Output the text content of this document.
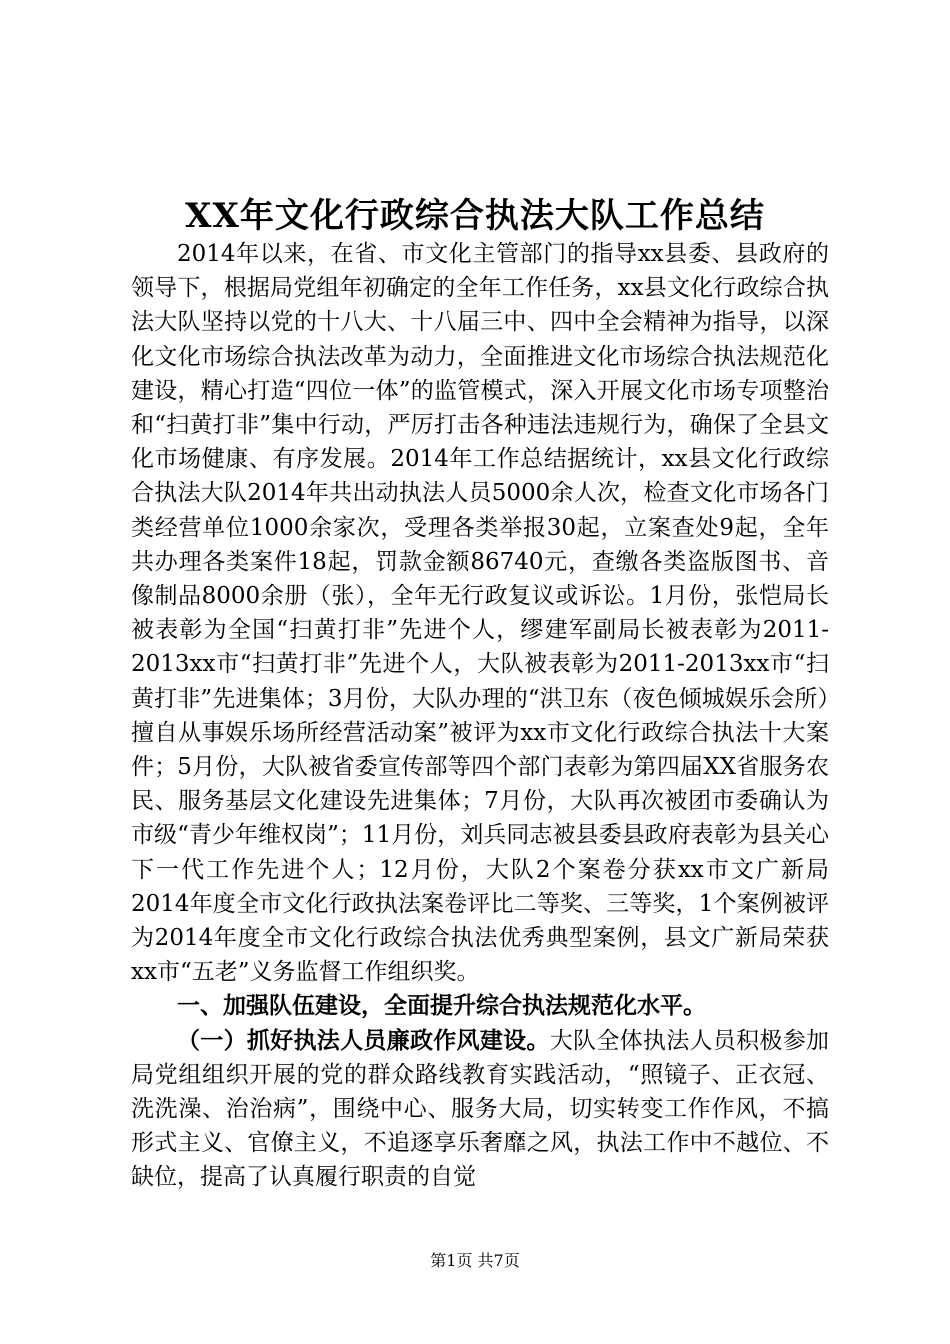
XX年文化行政综合执法大队工作总结

2014年以来，在省、市文化主管部门的指导xx县委、县政府的领导下，根据局党组年初确定的全年工作任务，xx县文化行政综合执法大队坚持以党的十八大、十八届三中、四中全会精神为指导，以深化文化市场综合执法改革为动力，全面推进文化市场综合执法规范化建设，精心打造“四位一体”的监管模式，深入开展文化市场专项整治和“扫黄打非”集中行动，严厉打击各种违法违规行为，确保了全县文化市场健康、有序发展。2014年工作总结据统计，xx县文化行政综合执法大队2014年共出动执法人员5000余人次，检查文化市场各门类经营单位1000余家次，受理各类举报30起，立案查处9起，全年共办理各类案件18起，罚款金额86740元，查缴各类盗版图书、音像制品8000余册（张），全年无行政复议或诉讼。1月份，张恺局长被表彰为全国“扫黄打非”先进个人，缪建军副局长被表彰为2011-2013xx市“扫黄打非”先进个人，大队被表彰为2011-2013xx市“扫黄打非”先进集体；3月份，大队办理的“洪卫东（夜色倾城娱乐会所）擅自从事娱乐场所经营活动案”被评为xx市文化行政综合执法十大案件；5月份，大队被省委宣传部等四个部门表彰为第四届XX省服务农民、服务基层文化建设先进集体；7月份，大队再次被团市委确认为市级“青少年维权岗”；11月份，刘兵同志被县委县政府表彰为县关心下一代工作先进个人；12月份，大队2个案卷分获xx市文广新局2014年度全市文化行政执法案卷评比二等奖、三等奖，1个案例被评为2014年度全市文化行政综合执法优秀典型案例，县文广新局荣获xx市“五老”义务监督工作组织奖。

一、加强队伍建设，全面提升综合执法规范化水平。

（一）抓好执法人员廉政作风建设。大队全体执法人员积极参加局党组组织开展的党的群众路线教育实践活动，“照镜子、正衣冠、洗洗澡、治治病”，围绕中心、服务大局，切实转变工作作风，不搞形式主义、官僚主义，不追逐享乐奢靡之风，执法工作中不越位、不缺位，提高了认真履行职责的自觉

第1页 共7页
